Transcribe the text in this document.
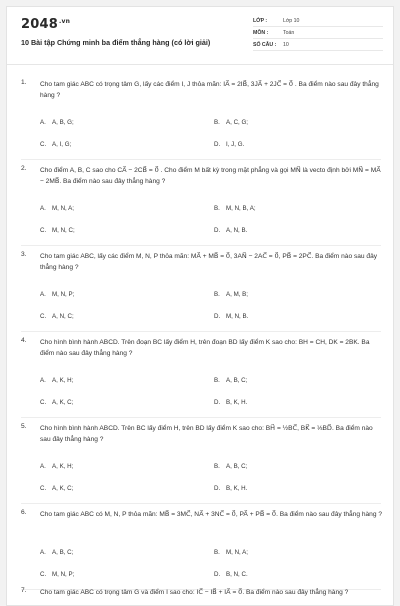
$2048^{.vn}$
10 Bài tập Chứng minh ba điểm thẳng hàng (có lời giải)
LỚP :	Lớp 10
MÔN :	Toán
SỐ CÂU :	10
1. Cho tam giác ABC có trọng tâm G, lấy các điểm I, J thỏa mãn: IA⃗ = 2IB⃗, 3JA⃗ + 2JC⃗ = 0⃗ . Ba điểm nào sau đây thẳng hàng ?
A. A, B, G;	B. A, C, G;
C. A, I, G;	D. I, J, G.
2. Cho điểm A, B, C sao cho CA⃗ − 2CB⃗ = 0⃗ . Cho điểm M bất kỳ trong mặt phẳng và gọi MN⃗ là vecto định bởi MN⃗ = MA⃗ − 2MB⃗. Ba điểm nào sau đây thẳng hàng ?
A. M, N, A;	B. M, N, B, A;
C. M, N, C;	D. A, N, B.
3. Cho tam giác ABC, lấy các điểm M, N, P thỏa mãn: MA⃗ + MB⃗ = 0⃗, 3AN⃗ − 2AC⃗ = 0⃗, PB⃗ = 2PC⃗. Ba điểm nào sau đây thẳng hàng ?
A. M, N, P;	B. A, M, B;
C. A, N, C;	D. M, N, B.
4. Cho hình bình hành ABCD. Trên đoạn BC lấy điểm H, trên đoạn BD lấy điểm K sao cho: BH = CH, DK = 2BK. Ba điểm nào sau đây thẳng hàng ?
A. A, K, H;	B. A, B, C;
C. A, K, C;	D. B, K, H.
5. Cho hình bình hành ABCD. Trên BC lấy điểm H, trên BD lấy điểm K sao cho: BH⃗ = ½BC⃗, BK⃗ = ⅓BD⃗. Ba điểm nào sau đây thẳng hàng ?
A. A, K, H;	B. A, B, C;
C. A, K, C;	D. B, K, H.
6. Cho tam giác ABC có M, N, P thỏa mãn: MB⃗ = 3MC⃗, NA⃗ + 3NC⃗ = 0⃗, PA⃗ + PB⃗ = 0⃗. Ba điểm nào sau đây thẳng hàng ?
A. A, B, C;	B. M, N, A;
C. M, N, P;	D. B, N, C.
7. Cho tam giác ABC có trọng tâm G và điểm I sao cho: IC⃗ − IB⃗ + IA⃗ = 0⃗. Ba điểm nào sau đây thẳng hàng ?
